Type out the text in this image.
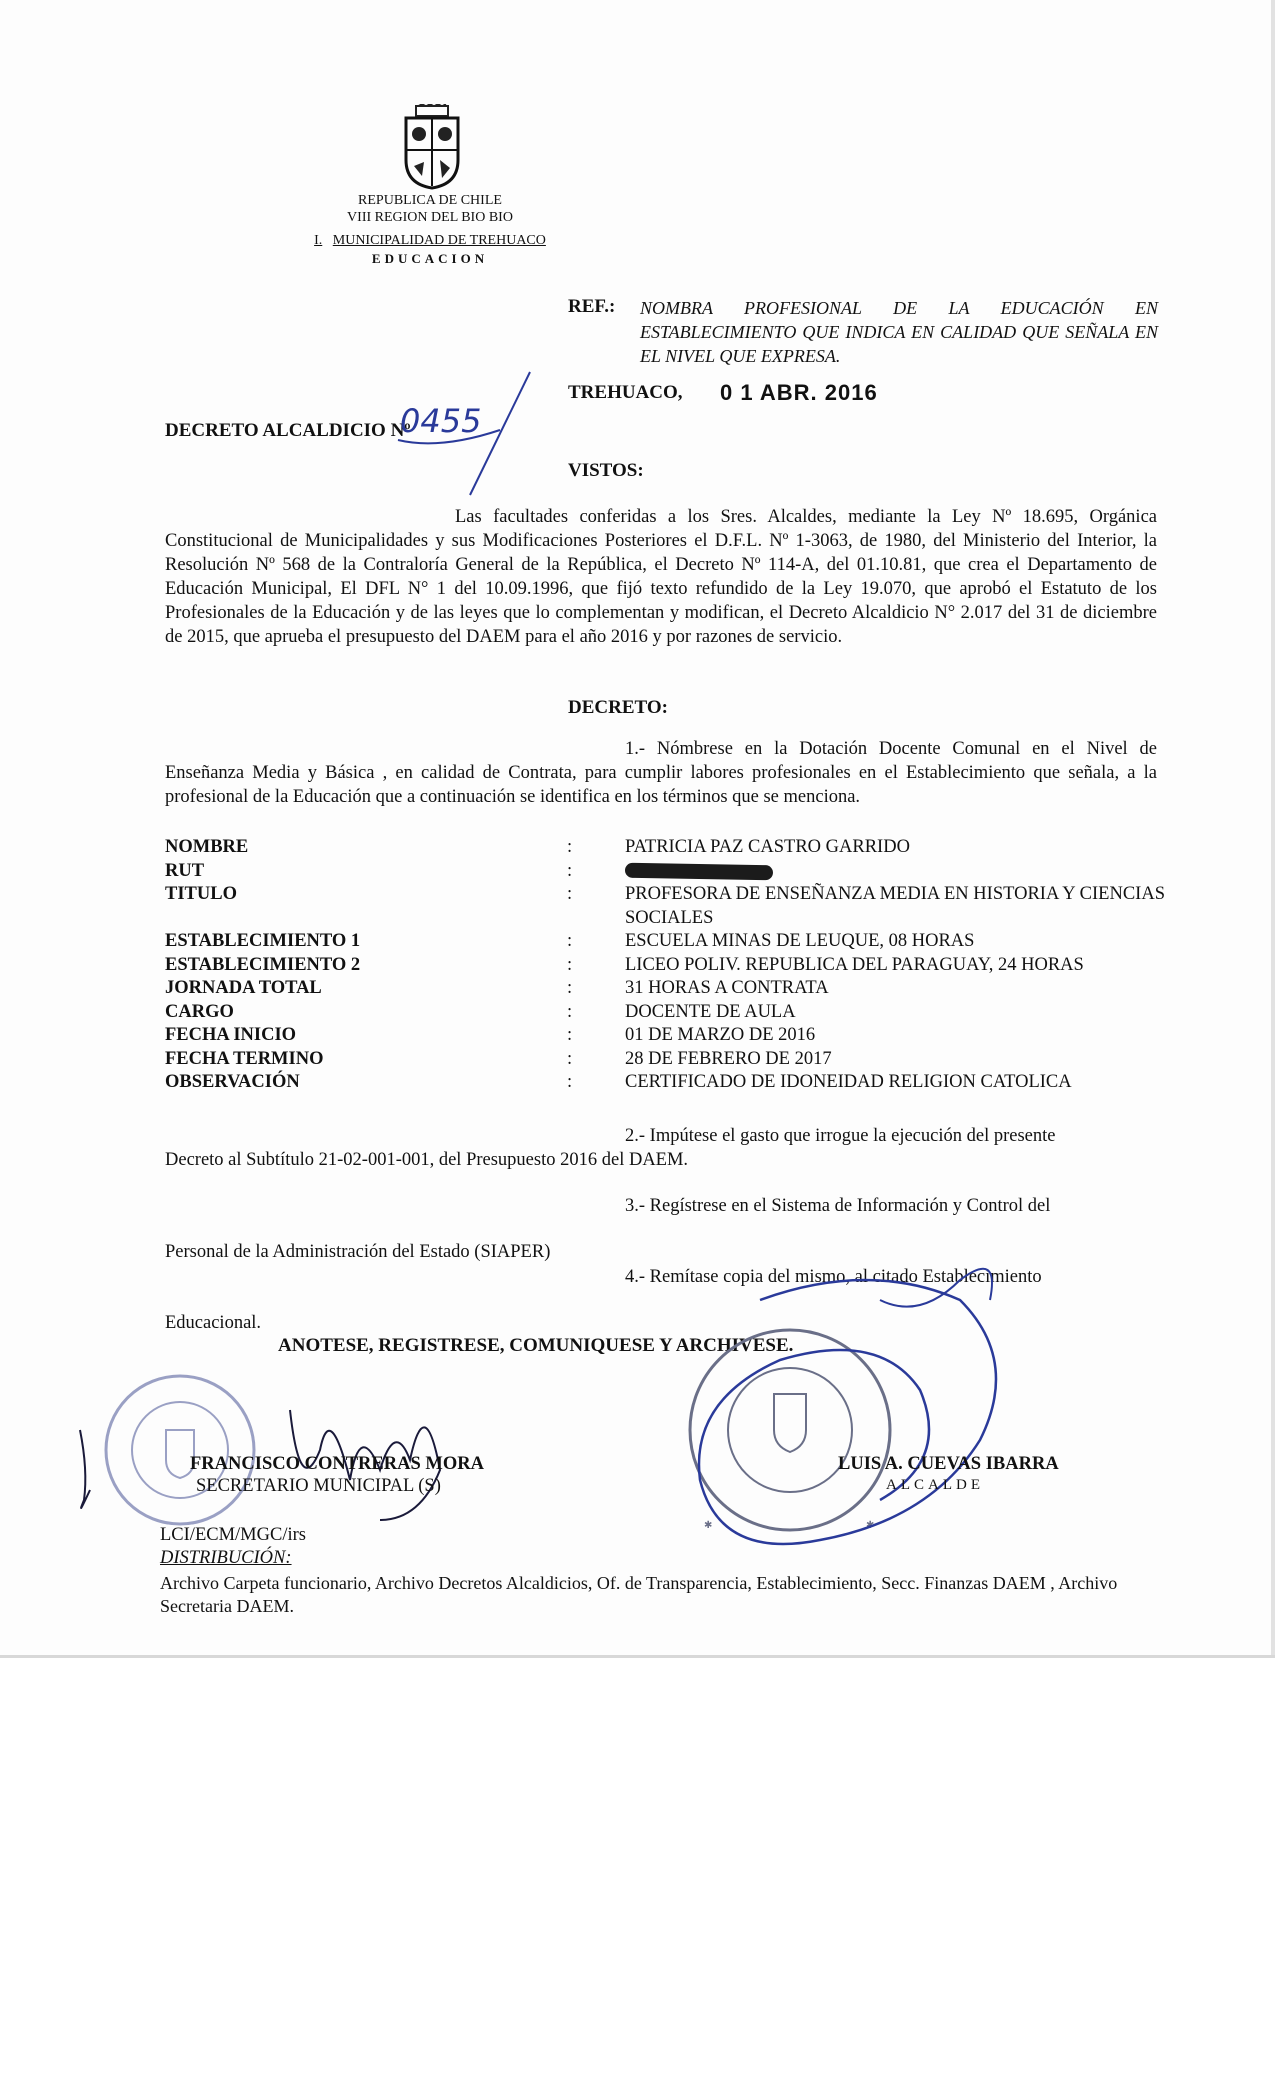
REPUBLICA DE CHILE
VIII REGION DEL BIO BIO
I. MUNICIPALIDAD DE TREHUACO
EDUCACION
REF.: NOMBRA PROFESIONAL DE LA EDUCACIÓN EN ESTABLECIMIENTO QUE INDICA EN CALIDAD QUE SEÑALA EN EL NIVEL QUE EXPRESA.
TREHUACO, 0 1 ABR. 2016
DECRETO ALCALDICIO Nº
0455
VISTOS:
Las facultades conferidas a los Sres. Alcaldes, mediante la Ley Nº 18.695, Orgánica Constitucional de Municipalidades y sus Modificaciones Posteriores el D.F.L. Nº 1-3063, de 1980, del Ministerio del Interior, la Resolución Nº 568 de la Contraloría General de la República, el Decreto Nº 114-A, del 01.10.81, que crea el Departamento de Educación Municipal, El DFL N° 1 del 10.09.1996, que fijó texto refundido de la Ley 19.070, que aprobó el Estatuto de los Profesionales de la Educación y de las leyes que lo complementan y modifican, el Decreto Alcaldicio N° 2.017 del 31 de diciembre de 2015, que aprueba el presupuesto del DAEM para el año 2016 y por razones de servicio.
DECRETO:
1.- Nómbrese en la Dotación Docente Comunal en el Nivel de Enseñanza Media y Básica , en calidad de Contrata, para cumplir labores profesionales en el Establecimiento que señala, a la profesional de la Educación que a continuación se identifica en los términos que se menciona.
NOMBRE	:	PATRICIA PAZ CASTRO GARRIDO
RUT	:
TITULO	:	PROFESORA DE ENSEÑANZA MEDIA EN HISTORIA Y CIENCIAS SOCIALES
ESTABLECIMIENTO 1	:	ESCUELA MINAS DE LEUQUE, 08 HORAS
ESTABLECIMIENTO 2	:	LICEO POLIV. REPUBLICA DEL PARAGUAY, 24 HORAS
JORNADA TOTAL	:	31 HORAS A CONTRATA
CARGO	:	DOCENTE DE AULA
FECHA INICIO	:	01 DE MARZO DE 2016
FECHA TERMINO	:	28 DE FEBRERO DE 2017
OBSERVACIÓN	:	CERTIFICADO DE IDONEIDAD RELIGION CATOLICA
2.- Impútese el gasto que irrogue la ejecución del presente
Decreto al Subtítulo 21-02-001-001, del Presupuesto 2016 del DAEM.
3.- Regístrese en el Sistema de Información y Control del
Personal de la Administración del Estado (SIAPER)
4.- Remítase copia del mismo, al citado Establecimiento
Educacional.
ANOTESE, REGISTRESE, COMUNIQUESE Y ARCHIVESE.
✱	✱
FRANCISCO CONTRERAS MORA
SECRETARIO MUNICIPAL (S)
LUIS A. CUEVAS IBARRA
ALCALDE
LCI/ECM/MGC/irs
DISTRIBUCIÓN:
Archivo Carpeta funcionario, Archivo Decretos Alcaldicios, Of. de Transparencia, Establecimiento, Secc. Finanzas DAEM , Archivo Secretaria DAEM.
